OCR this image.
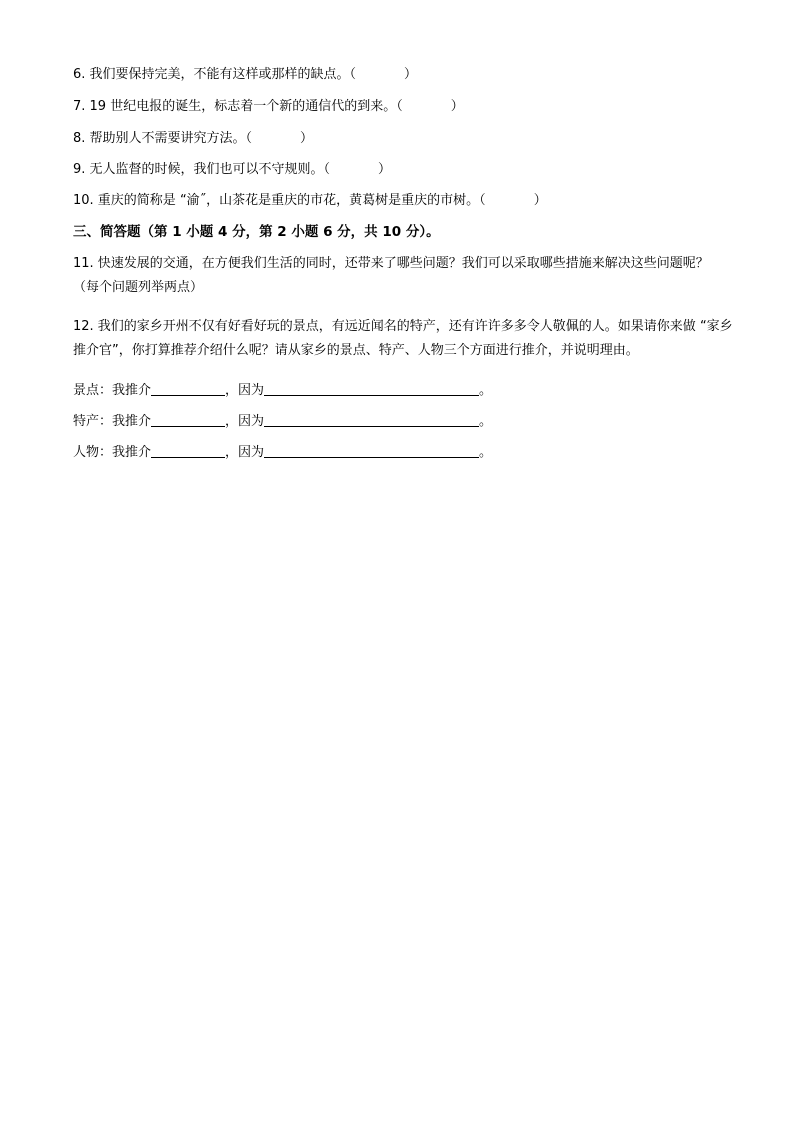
6. 我们要保持完美，不能有这样或那样的缺点。（	）
7. 19 世纪电报的诞生，标志着一个新的通信代的到来。（	）
8. 帮助别人不需要讲究方法。（	）
9. 无人监督的时候，我们也可以不守规则。（	）
10. 重庆的简称是 “渝˝，山茶花是重庆的市花，黄葛树是重庆的市树。（	）
三、简答题（第 1 小题 4 分，第 2 小题 6 分，共 10 分）。
11. 快速发展的交通，在方便我们生活的同时，还带来了哪些问题？我们可以采取哪些措施来解决这些问题呢？（每个问题列举两点）
12. 我们的家乡开州不仅有好看好玩的景点，有远近闻名的特产，还有许许多多令人敬佩的人。如果请你来做 “家乡推介官”，你打算推荐介绍什么呢？请从家乡的景点、特产、人物三个方面进行推介，并说明理由。
景点：我推介	，因为	。
特产：我推介	，因为	。
人物：我推介	，因为	。
